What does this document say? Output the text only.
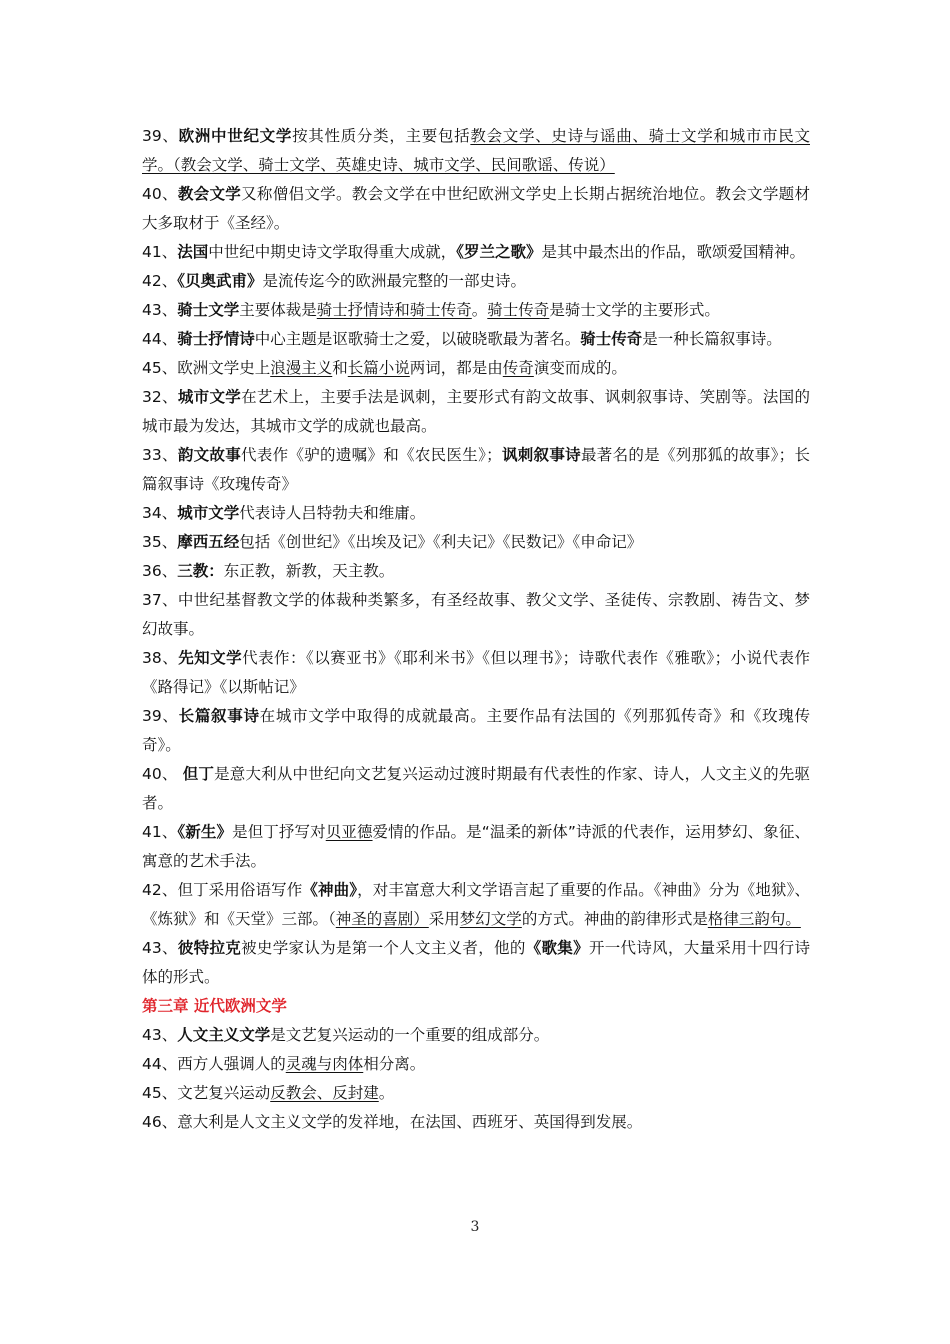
39、欧洲中世纪文学按其性质分类，主要包括教会文学、史诗与谣曲、骑士文学和城市市民文学。（教会文学、骑士文学、英雄史诗、城市文学、民间歌谣、传说）

40、教会文学又称僧侣文学。教会文学在中世纪欧洲文学史上长期占据统治地位。教会文学题材大多取材于《圣经》。

41、法国中世纪中期史诗文学取得重大成就，《罗兰之歌》是其中最杰出的作品，歌颂爱国精神。

42、《贝奥武甫》是流传迄今的欧洲最完整的一部史诗。

43、骑士文学主要体裁是骑士抒情诗和骑士传奇。骑士传奇是骑士文学的主要形式。

44、骑士抒情诗中心主题是讴歌骑士之爱，以破晓歌最为著名。骑士传奇是一种长篇叙事诗。

45、欧洲文学史上浪漫主义和长篇小说两词，都是由传奇演变而成的。

32、城市文学在艺术上，主要手法是讽刺，主要形式有韵文故事、讽刺叙事诗、笑剧等。法国的城市最为发达，其城市文学的成就也最高。

33、韵文故事代表作《驴的遗嘱》和《农民医生》；讽刺叙事诗最著名的是《列那狐的故事》；长篇叙事诗《玫瑰传奇》

34、城市文学代表诗人吕特勃夫和维庸。

35、摩西五经包括《创世纪》《出埃及记》《利夫记》《民数记》《申命记》

36、三教：东正教，新教，天主教。

37、中世纪基督教文学的体裁种类繁多，有圣经故事、教父文学、圣徒传、宗教剧、祷告文、梦幻故事。

38、先知文学代表作：《以赛亚书》《耶利米书》《但以理书》；诗歌代表作《雅歌》；小说代表作《路得记》《以斯帖记》

39、长篇叙事诗在城市文学中取得的成就最高。主要作品有法国的《列那狐传奇》和《玫瑰传奇》。

40、 但丁是意大利从中世纪向文艺复兴运动过渡时期最有代表性的作家、诗人，人文主义的先驱者。

41、《新生》是但丁抒写对贝亚德爱情的作品。是“温柔的新体”诗派的代表作，运用梦幻、象征、寓意的艺术手法。

42、但丁采用俗语写作《神曲》，对丰富意大利文学语言起了重要的作品。《神曲》分为《地狱》、《炼狱》和《天堂》三部。（神圣的喜剧）采用梦幻文学的方式。神曲的韵律形式是格律三韵句。

43、彼特拉克被史学家认为是第一个人文主义者，他的《歌集》开一代诗风，大量采用十四行诗体的形式。

第三章 近代欧洲文学

43、人文主义文学是文艺复兴运动的一个重要的组成部分。

44、西方人强调人的灵魂与肉体相分离。

45、文艺复兴运动反教会、反封建。

46、意大利是人文主义文学的发祥地，在法国、西班牙、英国得到发展。

3
